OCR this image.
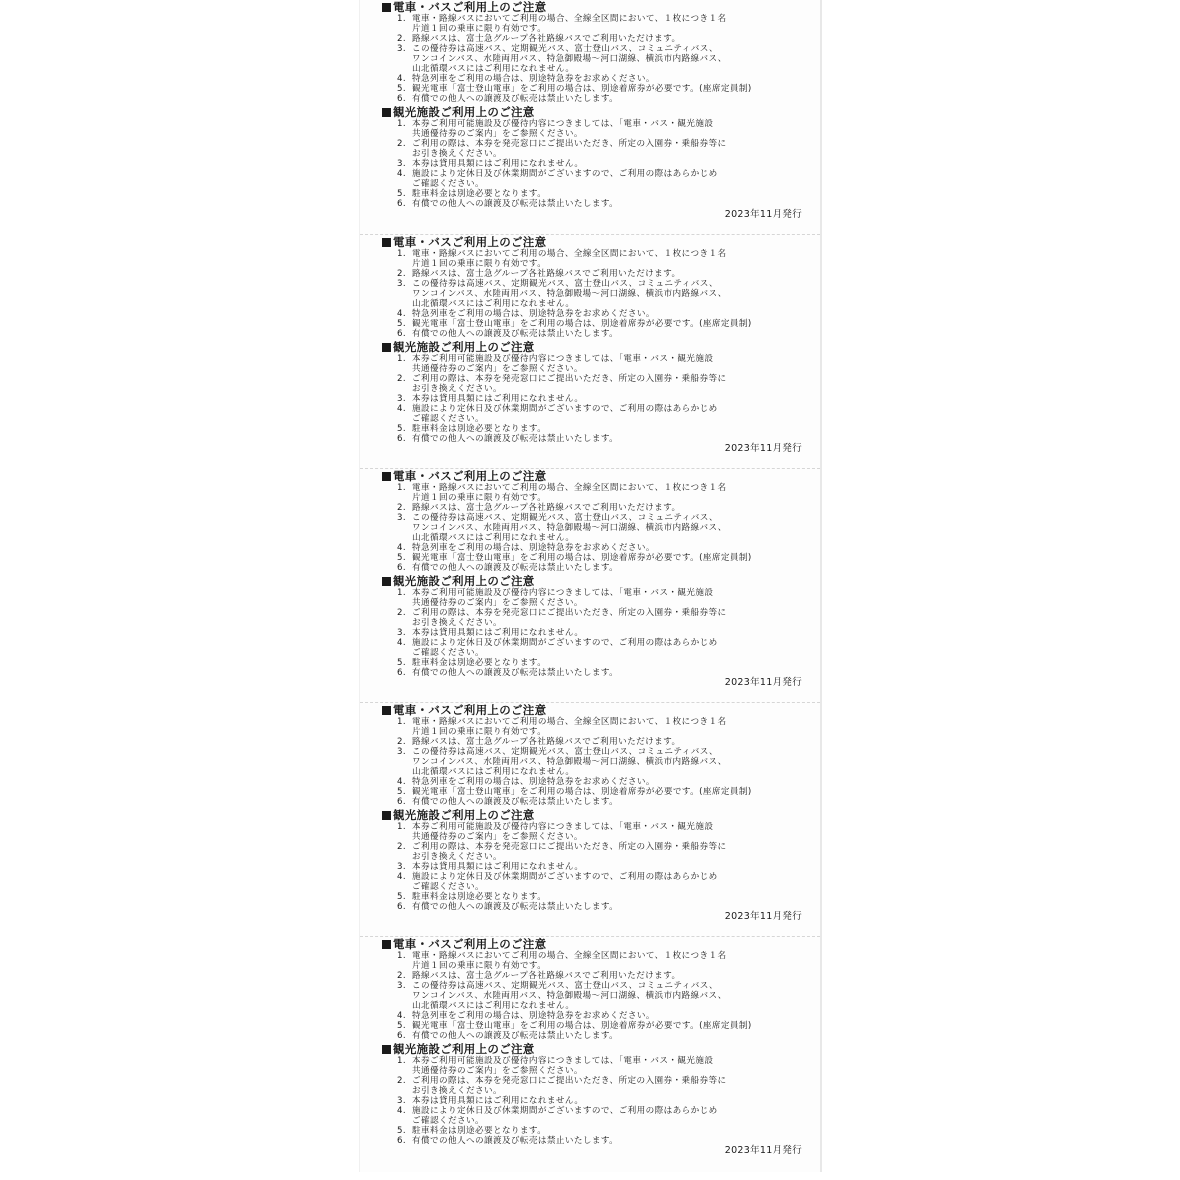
電車・バスご利用上のご注意
1. 電車・路線バスにおいてご利用の場合、全線全区間において、１枚につき１名
片道１回の乗車に限り有効です。
2. 路線バスは、富士急グループ各社路線バスでご利用いただけます。
3. この優待券は高速バス、定期観光バス、富士登山バス、コミュニティバス、
ワンコインバス、水陸両用バス、特急御殿場～河口湖線、横浜市内路線バス、
山北循環バスにはご利用になれません。
4. 特急列車をご利用の場合は、別途特急券をお求めください。
5. 観光電車「富士登山電車」をご利用の場合は、別途着席券が必要です。(座席定員制)
6. 有償での他人への譲渡及び転売は禁止いたします。
観光施設ご利用上のご注意
1. 本券ご利用可能施設及び優待内容につきましては、「電車・バス・観光施設
共通優待券のご案内」をご参照ください。
2. ご利用の際は、本券を発売窓口にご提出いただき、所定の入園券・乗船券等に
お引き換えください。
3. 本券は貸用具類にはご利用になれません。
4. 施設により定休日及び休業期間がございますので、ご利用の際はあらかじめ
ご確認ください。
5. 駐車料金は別途必要となります。
6. 有償での他人への譲渡及び転売は禁止いたします。
2023年11月発行
電車・バスご利用上のご注意
1. 電車・路線バスにおいてご利用の場合、全線全区間において、１枚につき１名
片道１回の乗車に限り有効です。
2. 路線バスは、富士急グループ各社路線バスでご利用いただけます。
3. この優待券は高速バス、定期観光バス、富士登山バス、コミュニティバス、
ワンコインバス、水陸両用バス、特急御殿場～河口湖線、横浜市内路線バス、
山北循環バスにはご利用になれません。
4. 特急列車をご利用の場合は、別途特急券をお求めください。
5. 観光電車「富士登山電車」をご利用の場合は、別途着席券が必要です。(座席定員制)
6. 有償での他人への譲渡及び転売は禁止いたします。
観光施設ご利用上のご注意
1. 本券ご利用可能施設及び優待内容につきましては、「電車・バス・観光施設
共通優待券のご案内」をご参照ください。
2. ご利用の際は、本券を発売窓口にご提出いただき、所定の入園券・乗船券等に
お引き換えください。
3. 本券は貸用具類にはご利用になれません。
4. 施設により定休日及び休業期間がございますので、ご利用の際はあらかじめ
ご確認ください。
5. 駐車料金は別途必要となります。
6. 有償での他人への譲渡及び転売は禁止いたします。
2023年11月発行
電車・バスご利用上のご注意
1. 電車・路線バスにおいてご利用の場合、全線全区間において、１枚につき１名
片道１回の乗車に限り有効です。
2. 路線バスは、富士急グループ各社路線バスでご利用いただけます。
3. この優待券は高速バス、定期観光バス、富士登山バス、コミュニティバス、
ワンコインバス、水陸両用バス、特急御殿場～河口湖線、横浜市内路線バス、
山北循環バスにはご利用になれません。
4. 特急列車をご利用の場合は、別途特急券をお求めください。
5. 観光電車「富士登山電車」をご利用の場合は、別途着席券が必要です。(座席定員制)
6. 有償での他人への譲渡及び転売は禁止いたします。
観光施設ご利用上のご注意
1. 本券ご利用可能施設及び優待内容につきましては、「電車・バス・観光施設
共通優待券のご案内」をご参照ください。
2. ご利用の際は、本券を発売窓口にご提出いただき、所定の入園券・乗船券等に
お引き換えください。
3. 本券は貸用具類にはご利用になれません。
4. 施設により定休日及び休業期間がございますので、ご利用の際はあらかじめ
ご確認ください。
5. 駐車料金は別途必要となります。
6. 有償での他人への譲渡及び転売は禁止いたします。
2023年11月発行
電車・バスご利用上のご注意
1. 電車・路線バスにおいてご利用の場合、全線全区間において、１枚につき１名
片道１回の乗車に限り有効です。
2. 路線バスは、富士急グループ各社路線バスでご利用いただけます。
3. この優待券は高速バス、定期観光バス、富士登山バス、コミュニティバス、
ワンコインバス、水陸両用バス、特急御殿場～河口湖線、横浜市内路線バス、
山北循環バスにはご利用になれません。
4. 特急列車をご利用の場合は、別途特急券をお求めください。
5. 観光電車「富士登山電車」をご利用の場合は、別途着席券が必要です。(座席定員制)
6. 有償での他人への譲渡及び転売は禁止いたします。
観光施設ご利用上のご注意
1. 本券ご利用可能施設及び優待内容につきましては、「電車・バス・観光施設
共通優待券のご案内」をご参照ください。
2. ご利用の際は、本券を発売窓口にご提出いただき、所定の入園券・乗船券等に
お引き換えください。
3. 本券は貸用具類にはご利用になれません。
4. 施設により定休日及び休業期間がございますので、ご利用の際はあらかじめ
ご確認ください。
5. 駐車料金は別途必要となります。
6. 有償での他人への譲渡及び転売は禁止いたします。
2023年11月発行
電車・バスご利用上のご注意
1. 電車・路線バスにおいてご利用の場合、全線全区間において、１枚につき１名
片道１回の乗車に限り有効です。
2. 路線バスは、富士急グループ各社路線バスでご利用いただけます。
3. この優待券は高速バス、定期観光バス、富士登山バス、コミュニティバス、
ワンコインバス、水陸両用バス、特急御殿場～河口湖線、横浜市内路線バス、
山北循環バスにはご利用になれません。
4. 特急列車をご利用の場合は、別途特急券をお求めください。
5. 観光電車「富士登山電車」をご利用の場合は、別途着席券が必要です。(座席定員制)
6. 有償での他人への譲渡及び転売は禁止いたします。
観光施設ご利用上のご注意
1. 本券ご利用可能施設及び優待内容につきましては、「電車・バス・観光施設
共通優待券のご案内」をご参照ください。
2. ご利用の際は、本券を発売窓口にご提出いただき、所定の入園券・乗船券等に
お引き換えください。
3. 本券は貸用具類にはご利用になれません。
4. 施設により定休日及び休業期間がございますので、ご利用の際はあらかじめ
ご確認ください。
5. 駐車料金は別途必要となります。
6. 有償での他人への譲渡及び転売は禁止いたします。
2023年11月発行
